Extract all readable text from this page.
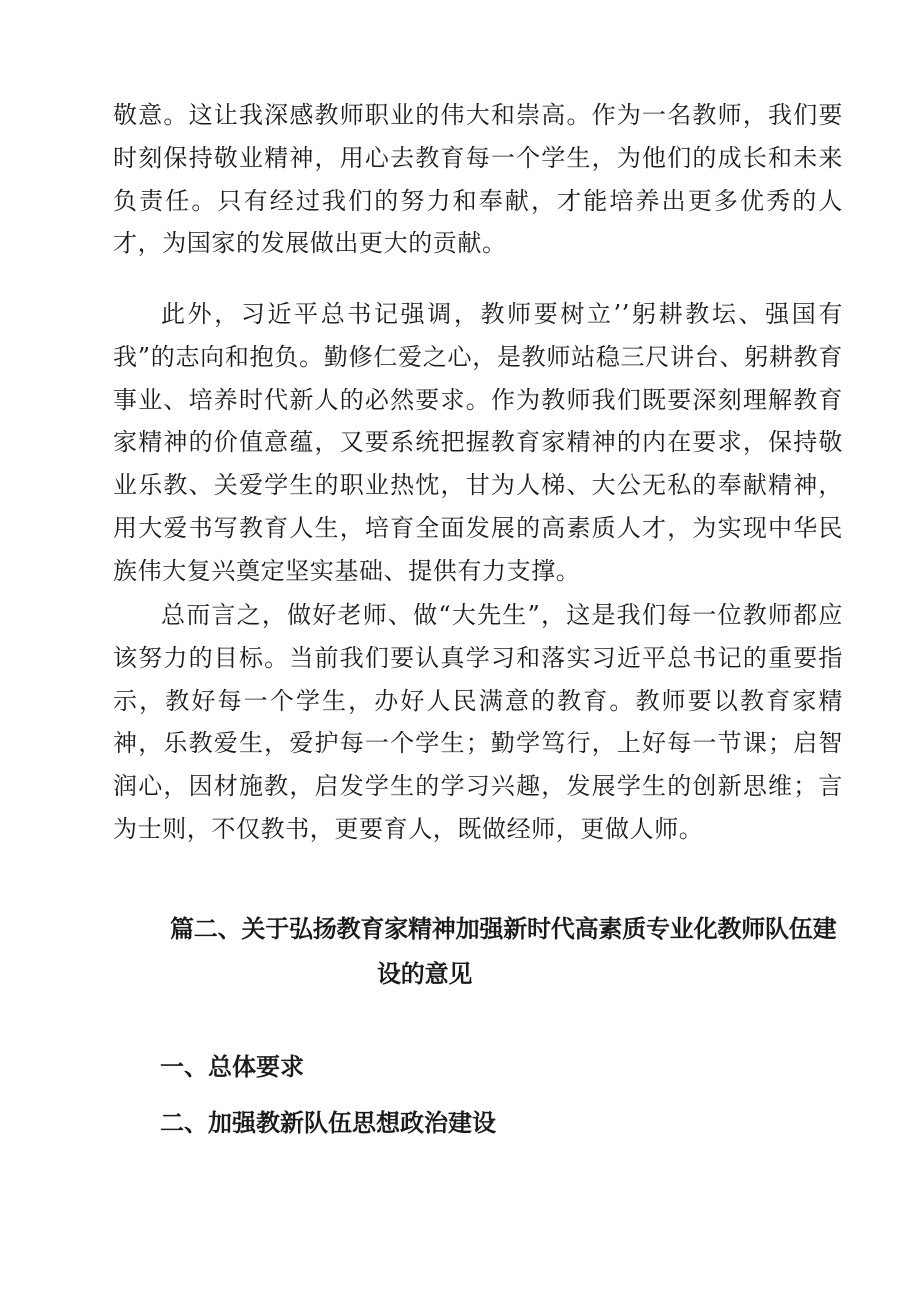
敬意。这让我深感教师职业的伟大和崇高。作为一名教师，我们要时刻保持敬业精神，用心去教育每一个学生，为他们的成长和未来负责任。只有经过我们的努力和奉献，才能培养出更多优秀的人才，为国家的发展做出更大的贡献。

此外，习近平总书记强调，教师要树立’’躬耕教坛、强国有我”的志向和抱负。勤修仁爱之心，是教师站稳三尺讲台、躬耕教育事业、培养时代新人的必然要求。作为教师我们既要深刻理解教育家精神的价值意蕴，又要系统把握教育家精神的内在要求，保持敬业乐教、关爱学生的职业热忱，甘为人梯、大公无私的奉献精神，用大爱书写教育人生，培育全面发展的高素质人才，为实现中华民族伟大复兴奠定坚实基础、提供有力支撑。

总而言之，做好老师、做“大先生”，这是我们每一位教师都应该努力的目标。当前我们要认真学习和落实习近平总书记的重要指示，教好每一个学生，办好人民满意的教育。教师要以教育家精神，乐教爱生，爱护每一个学生；勤学笃行，上好每一节课；启智润心，因材施教，启发学生的学习兴趣，发展学生的创新思维；言为士则，不仅教书，更要育人，既做经师，更做人师。

篇二、关于弘扬教育家精神加强新时代高素质专业化教师队伍建
设的意见
一、总体要求
二、加强教新队伍思想政治建设
